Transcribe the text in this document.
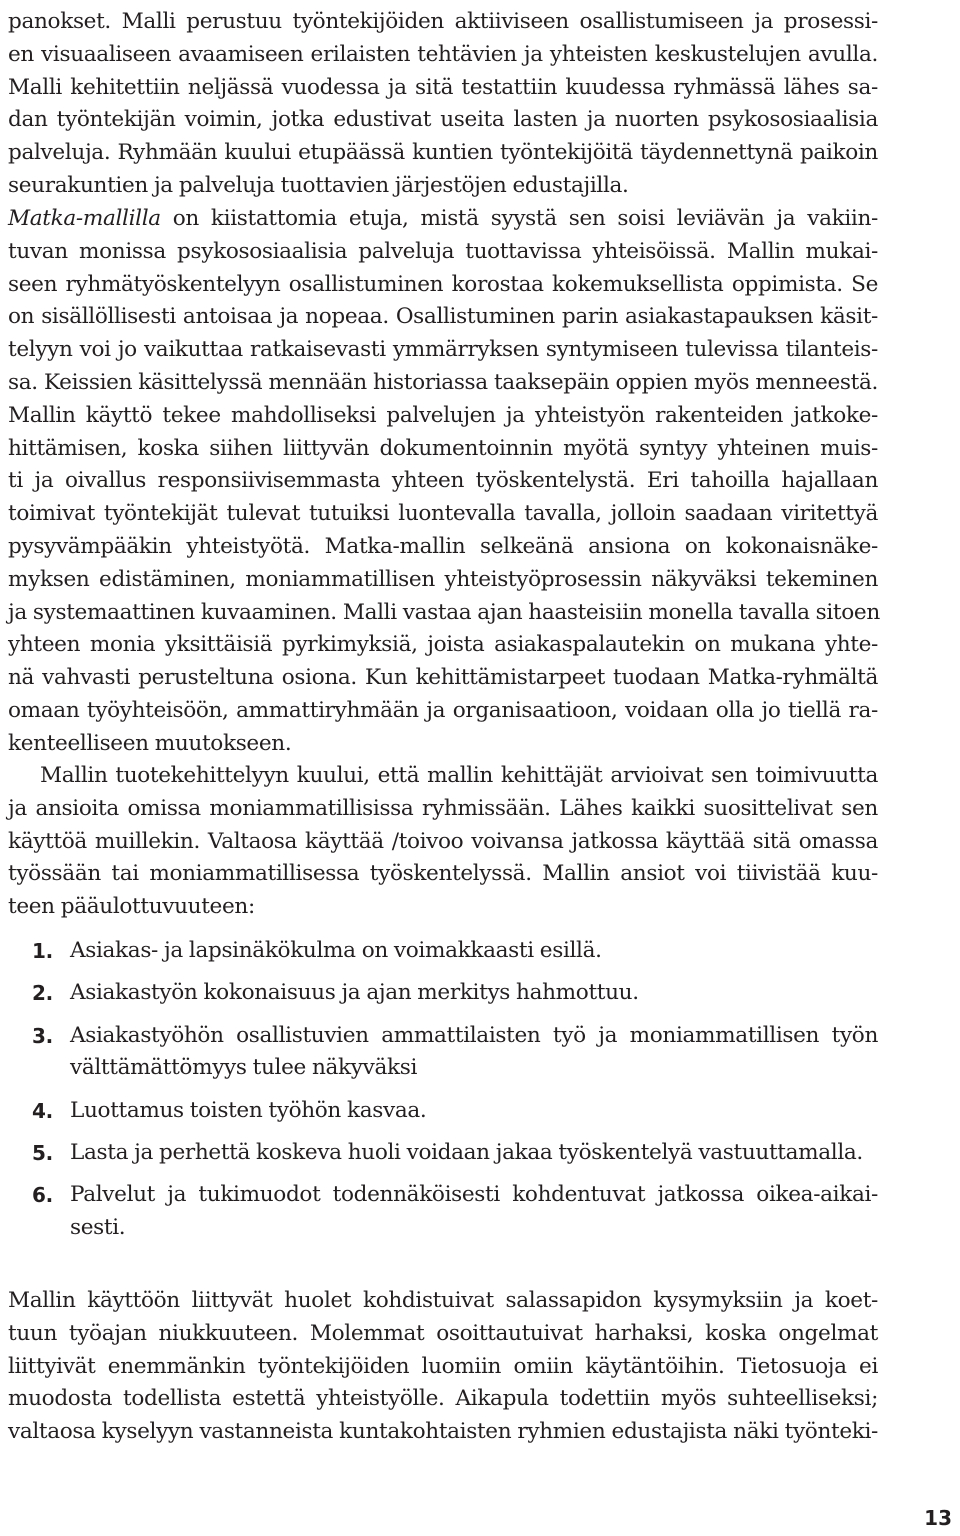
panokset. Malli perustuu työntekijöiden aktiiviseen osallistumiseen ja prosessi-
en visuaaliseen avaamiseen erilaisten tehtävien ja yhteisten keskustelujen avulla.
Malli kehitettiin neljässä vuodessa ja sitä testattiin kuudessa ryhmässä lähes sa-
dan työntekijän voimin, jotka edustivat useita lasten ja nuorten psykososiaalisia
palveluja. Ryhmään kuului etupäässä kuntien työntekijöitä täydennettynä paikoin
seurakuntien ja palveluja tuottavien järjestöjen edustajilla.

Matka-mallilla on kiistattomia etuja, mistä syystä sen soisi leviävän ja vakiin-
tuvan monissa psykososiaalisia palveluja tuottavissa yhteisöissä. Mallin mukai-
seen ryhmätyöskentelyyn osallistuminen korostaa kokemuksellista oppimista. Se
on sisällöllisesti antoisaa ja nopeaa. Osallistuminen parin asiakastapauksen käsit-
telyyn voi jo vaikuttaa ratkaisevasti ymmärryksen syntymiseen tulevissa tilanteis-
sa. Keissien käsittelyssä mennään historiassa taaksepäin oppien myös menneestä.
Mallin käyttö tekee mahdolliseksi palvelujen ja yhteistyön rakenteiden jatkoke-
hittämisen, koska siihen liittyvän dokumentoinnin myötä syntyy yhteinen muis-
ti ja oivallus responsiivisemmasta yhteen työskentelystä. Eri tahoilla hajallaan
toimivat työntekijät tulevat tutuiksi luontevalla tavalla, jolloin saadaan viritettyä
pysyvämpääkin yhteistyötä. Matka-mallin selkeänä ansiona on kokonaisnäke-
myksen edistäminen, moniammatillisen yhteistyöprosessin näkyväksi tekeminen
ja systemaattinen kuvaaminen. Malli vastaa ajan haasteisiin monella tavalla sitoen
yhteen monia yksittäisiä pyrkimyksiä, joista asiakaspalautekin on mukana yhte-
nä vahvasti perusteltuna osiona. Kun kehittämistarpeet tuodaan Matka-ryhmältä
omaan työyhteisöön, ammattiryhmään ja organisaatioon, voidaan olla jo tiellä ra-
kenteelliseen muutokseen.

Mallin tuotekehittelyyn kuului, että mallin kehittäjät arvioivat sen toimivuutta
ja ansioita omissa moniammatillisissa ryhmissään. Lähes kaikki suosittelivat sen
käyttöä muillekin. Valtaosa käyttää /toivoo voivansa jatkossa käyttää sitä omassa
työssään tai moniammatillisessa työskentelyssä. Mallin ansiot voi tiivistää kuu-
teen pääulottuvuuteen:

1. Asiakas- ja lapsinäkökulma on voimakkaasti esillä.
2. Asiakastyön kokonaisuus ja ajan merkitys hahmottuu.
3. Asiakastyöhön osallistuvien ammattilaisten työ ja moniammatillisen työn
välttämättömyys tulee näkyväksi
4. Luottamus toisten työhön kasvaa.
5. Lasta ja perhettä koskeva huoli voidaan jakaa työskentelyä vastuuttamalla.
6. Palvelut ja tukimuodot todennäköisesti kohdentuvat jatkossa oikea-aikai-
sesti.

Mallin käyttöön liittyvät huolet kohdistuivat salassapidon kysymyksiin ja koet-
tuun työajan niukkuuteen. Molemmat osoittautuivat harhaksi, koska ongelmat
liittyivät enemmänkin työntekijöiden luomiin omiin käytäntöihin. Tietosuoja ei
muodosta todellista estettä yhteistyölle. Aikapula todettiin myös suhteelliseksi;
valtaosa kyselyyn vastanneista kuntakohtaisten ryhmien edustajista näki työnteki-

13
